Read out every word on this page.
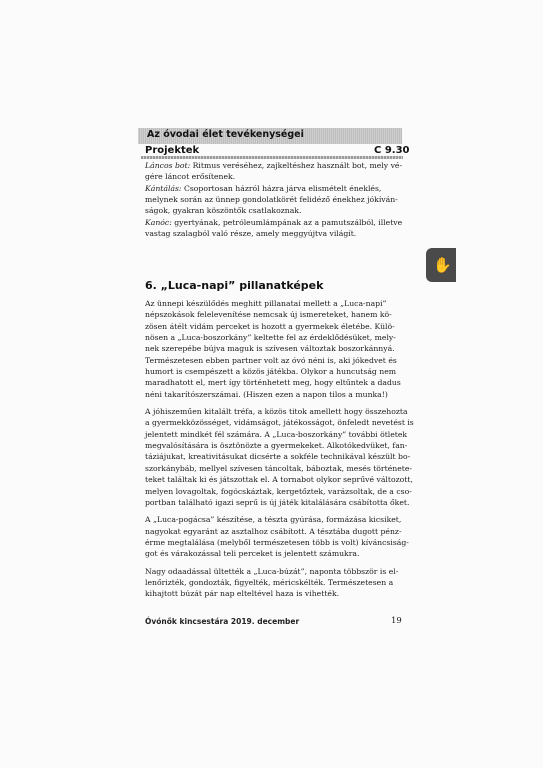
·      ·
Az óvodai élet tevékenységei
Projektek	C 9.30

Láncos bot: Ritmus veréséhez, zajkeltéshez használt bot, mely vé-
gére láncot erősítenek.

Kántálás: Csoportosan házról házra járva elismételt éneklés,
melynek során az ünnep gondolatkörét felidéző énekhez jókíván-
ságok, gyakran köszöntők csatlakoznak.

Kanóc: gyertyának, petróleumlámpának az a pamutszálból, illetve
vastag szalagból való része, amely meggyújtva világít.

✋
6. „Luca-napi” pillanatképek

Az ünnepi készülődés meghitt pillanatai mellett a „Luca-napi”
népszokások felelevenítése nemcsak új ismereteket, hanem kö-
zösen átélt vidám perceket is hozott a gyermekek életébe. Külö-
nösen a „Luca-boszorkány” keltette fel az érdeklődésüket, mely-
nek szerepébe bújva maguk is szívesen változtak boszorkánnyá.
Természetesen ebben partner volt az óvó néni is, aki jókedvet és
humort is csempészett a közös játékba. Olykor a huncutság nem
maradhatott el, mert így történhetett meg, hogy eltűntek a dadus
néni takarítószerszámai. (Hiszen ezen a napon tilos a munka!)

A jóhiszeműen kitalált tréfa, a közös titok amellett hogy összehozta
a gyermekközösséget, vidámságot, játékosságot, önfeledt nevetést is
jelentett mindkét fél számára. A „Luca-boszorkány” további ötletek
megvalósítására is ösztönözte a gyermekeket. Alkotókedvüket, fan-
táziájukat, kreativitásukat dicsérte a sokféle technikával készült bo-
szorkánybáb, mellyel szívesen táncoltak, báboztak, mesés története-
teket találtak ki és játszottak el. A tornabot olykor seprűvé változott,
melyen lovagoltak, fogócskáztak, kergetőztek, varázsoltak, de a cso-
portban található igazi seprű is új játék kitalálására csábította őket.

A „Luca-pogácsa” készítése, a tészta gyúrása, formázása kicsiket,
nagyokat egyaránt az asztalhoz csábított. A tésztába dugott pénz-
érme megtalálása (melyből természetesen több is volt) kíváncsiság-
got és várakozással teli perceket is jelentett számukra.

Nagy odaadással ültették a „Luca-búzát”, naponta többször is el-
lenőrizték, gondozták, figyelték, méricskélték. Természetesen a
kihajtott búzát pár nap elteltével haza is vihették.

Óvónők kincsestára 2019. december	19
